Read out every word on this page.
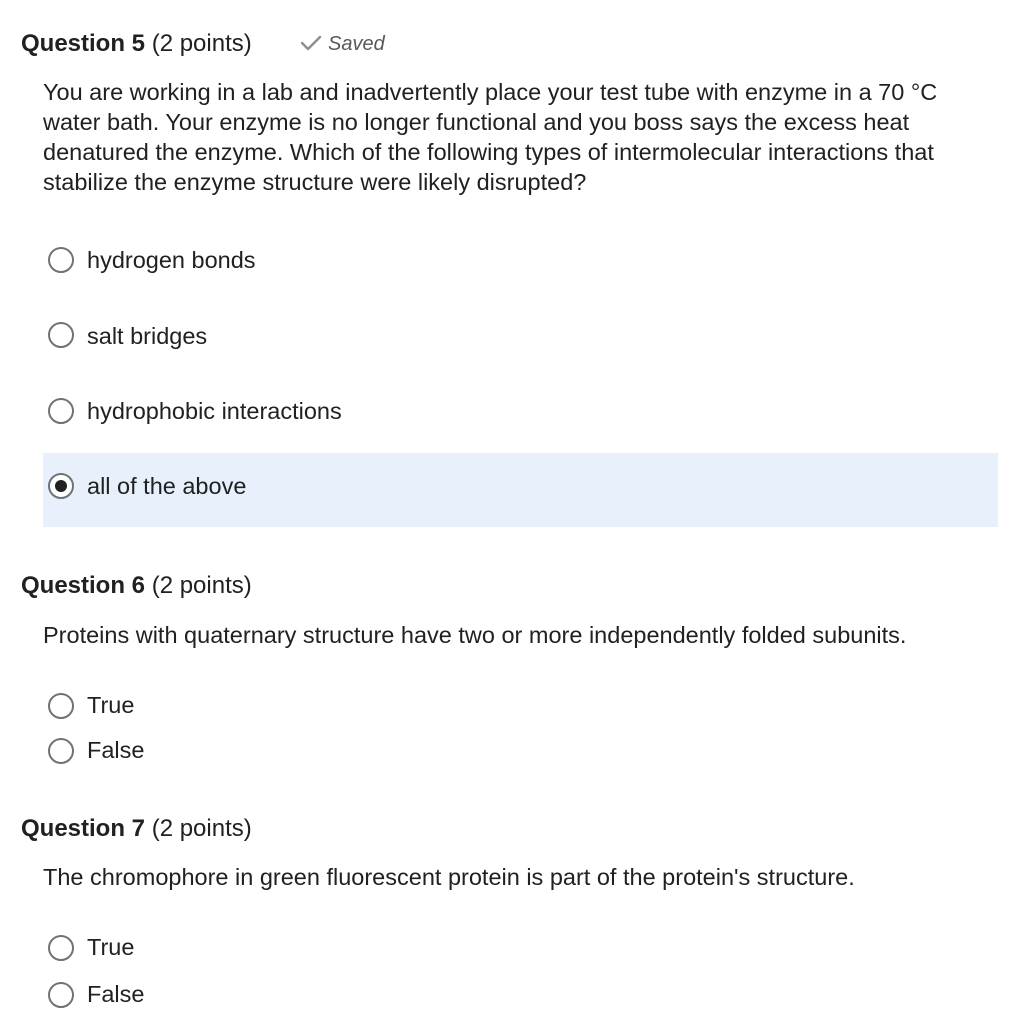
Question 5 (2 points)	Saved
You are working in a lab and inadvertently place your test tube with enzyme in a 70 °C water bath. Your enzyme is no longer functional and you boss says the excess heat denatured the enzyme. Which of the following types of intermolecular interactions that stabilize the enzyme structure were likely disrupted?
hydrogen bonds
salt bridges
hydrophobic interactions
all of the above
Question 6 (2 points)
Proteins with quaternary structure have two or more independently folded subunits.
True
False
Question 7 (2 points)
The chromophore in green fluorescent protein is part of the protein's structure.
True
False
